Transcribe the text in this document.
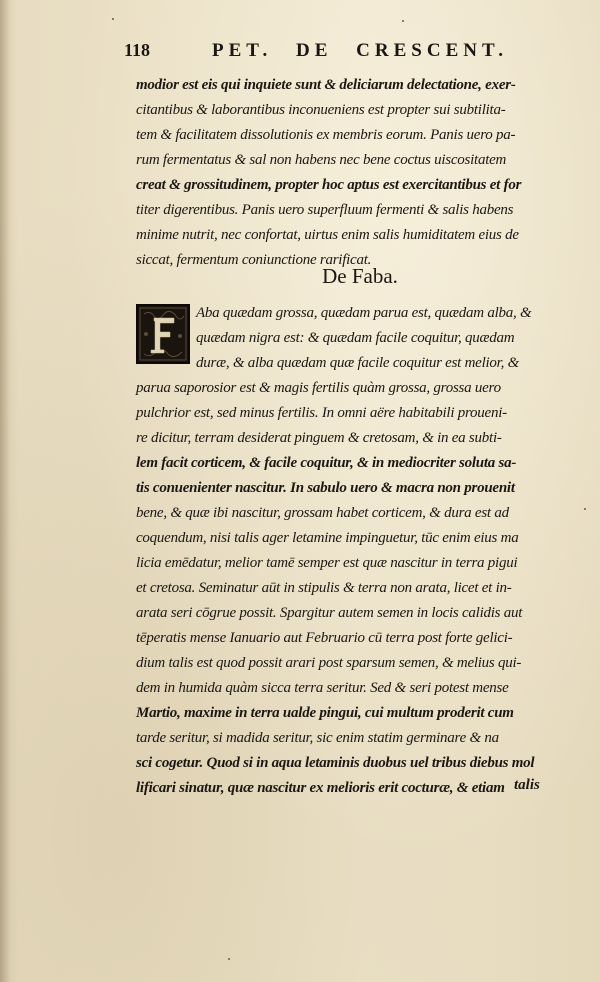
118	PET. DE CRESCENT.
modior est eis qui inquiete sunt & deliciarum delectatione, exer-
citantibus & laborantibus inconueniens est propter sui subtilita-
tem & facilitatem dissolutionis ex membris eorum. Panis uero pa-
rum fermentatus & sal non habens nec bene coctus uiscositatem
creat & grossitudinem, propter hoc aptus est exercitantibus et for
titer digerentibus. Panis uero superfluum fermenti & salis habens
minime nutrit, nec confortat, uirtus enim salis humiditatem eius de
siccat, fermentum coniunctione rarificat.
De Faba.
Aba quædam grossa, quædam parua est, quædam alba, &
quædam nigra est: & quædam facile coquitur, quædam
duræ, & alba quædam quæ facile coquitur est melior, &
parua saporosior est & magis fertilis quàm grossa, grossa uero
pulchrior est, sed minus fertilis. In omni aëre habitabili proueni-
re dicitur, terram desiderat pinguem & cretosam, & in ea subti-
lem facit corticem, & facile coquitur, & in mediocriter soluta sa-
tis conuenienter nascitur. In sabulo uero & macra non prouenit
bene, & quæ ibi nascitur, grossam habet corticem, & dura est ad
coquendum, nisi talis ager letamine impinguetur, tūc enim eius ma
licia emēdatur, melior tamē semper est quæ nascitur in terra pigui
et cretosa. Seminatur aūt in stipulis & terra non arata, licet et in-
arata seri cōgrue possit. Spargitur autem semen in locis calidis aut
tēperatis mense Ianuario aut Februario cū terra post forte gelici-
dium talis est quod possit arari post sparsum semen, & melius qui-
dem in humida quàm sicca terra seritur. Sed & seri potest mense
Martio, maxime in terra ualde pingui, cui multum proderit cum
tarde seritur, si madida seritur, sic enim statim germinare & na
sci cogetur. Quod si in aqua letaminis duobus uel tribus diebus mol
lificari sinatur, quæ nascitur ex melioris erit cocturæ, & etiam talis
